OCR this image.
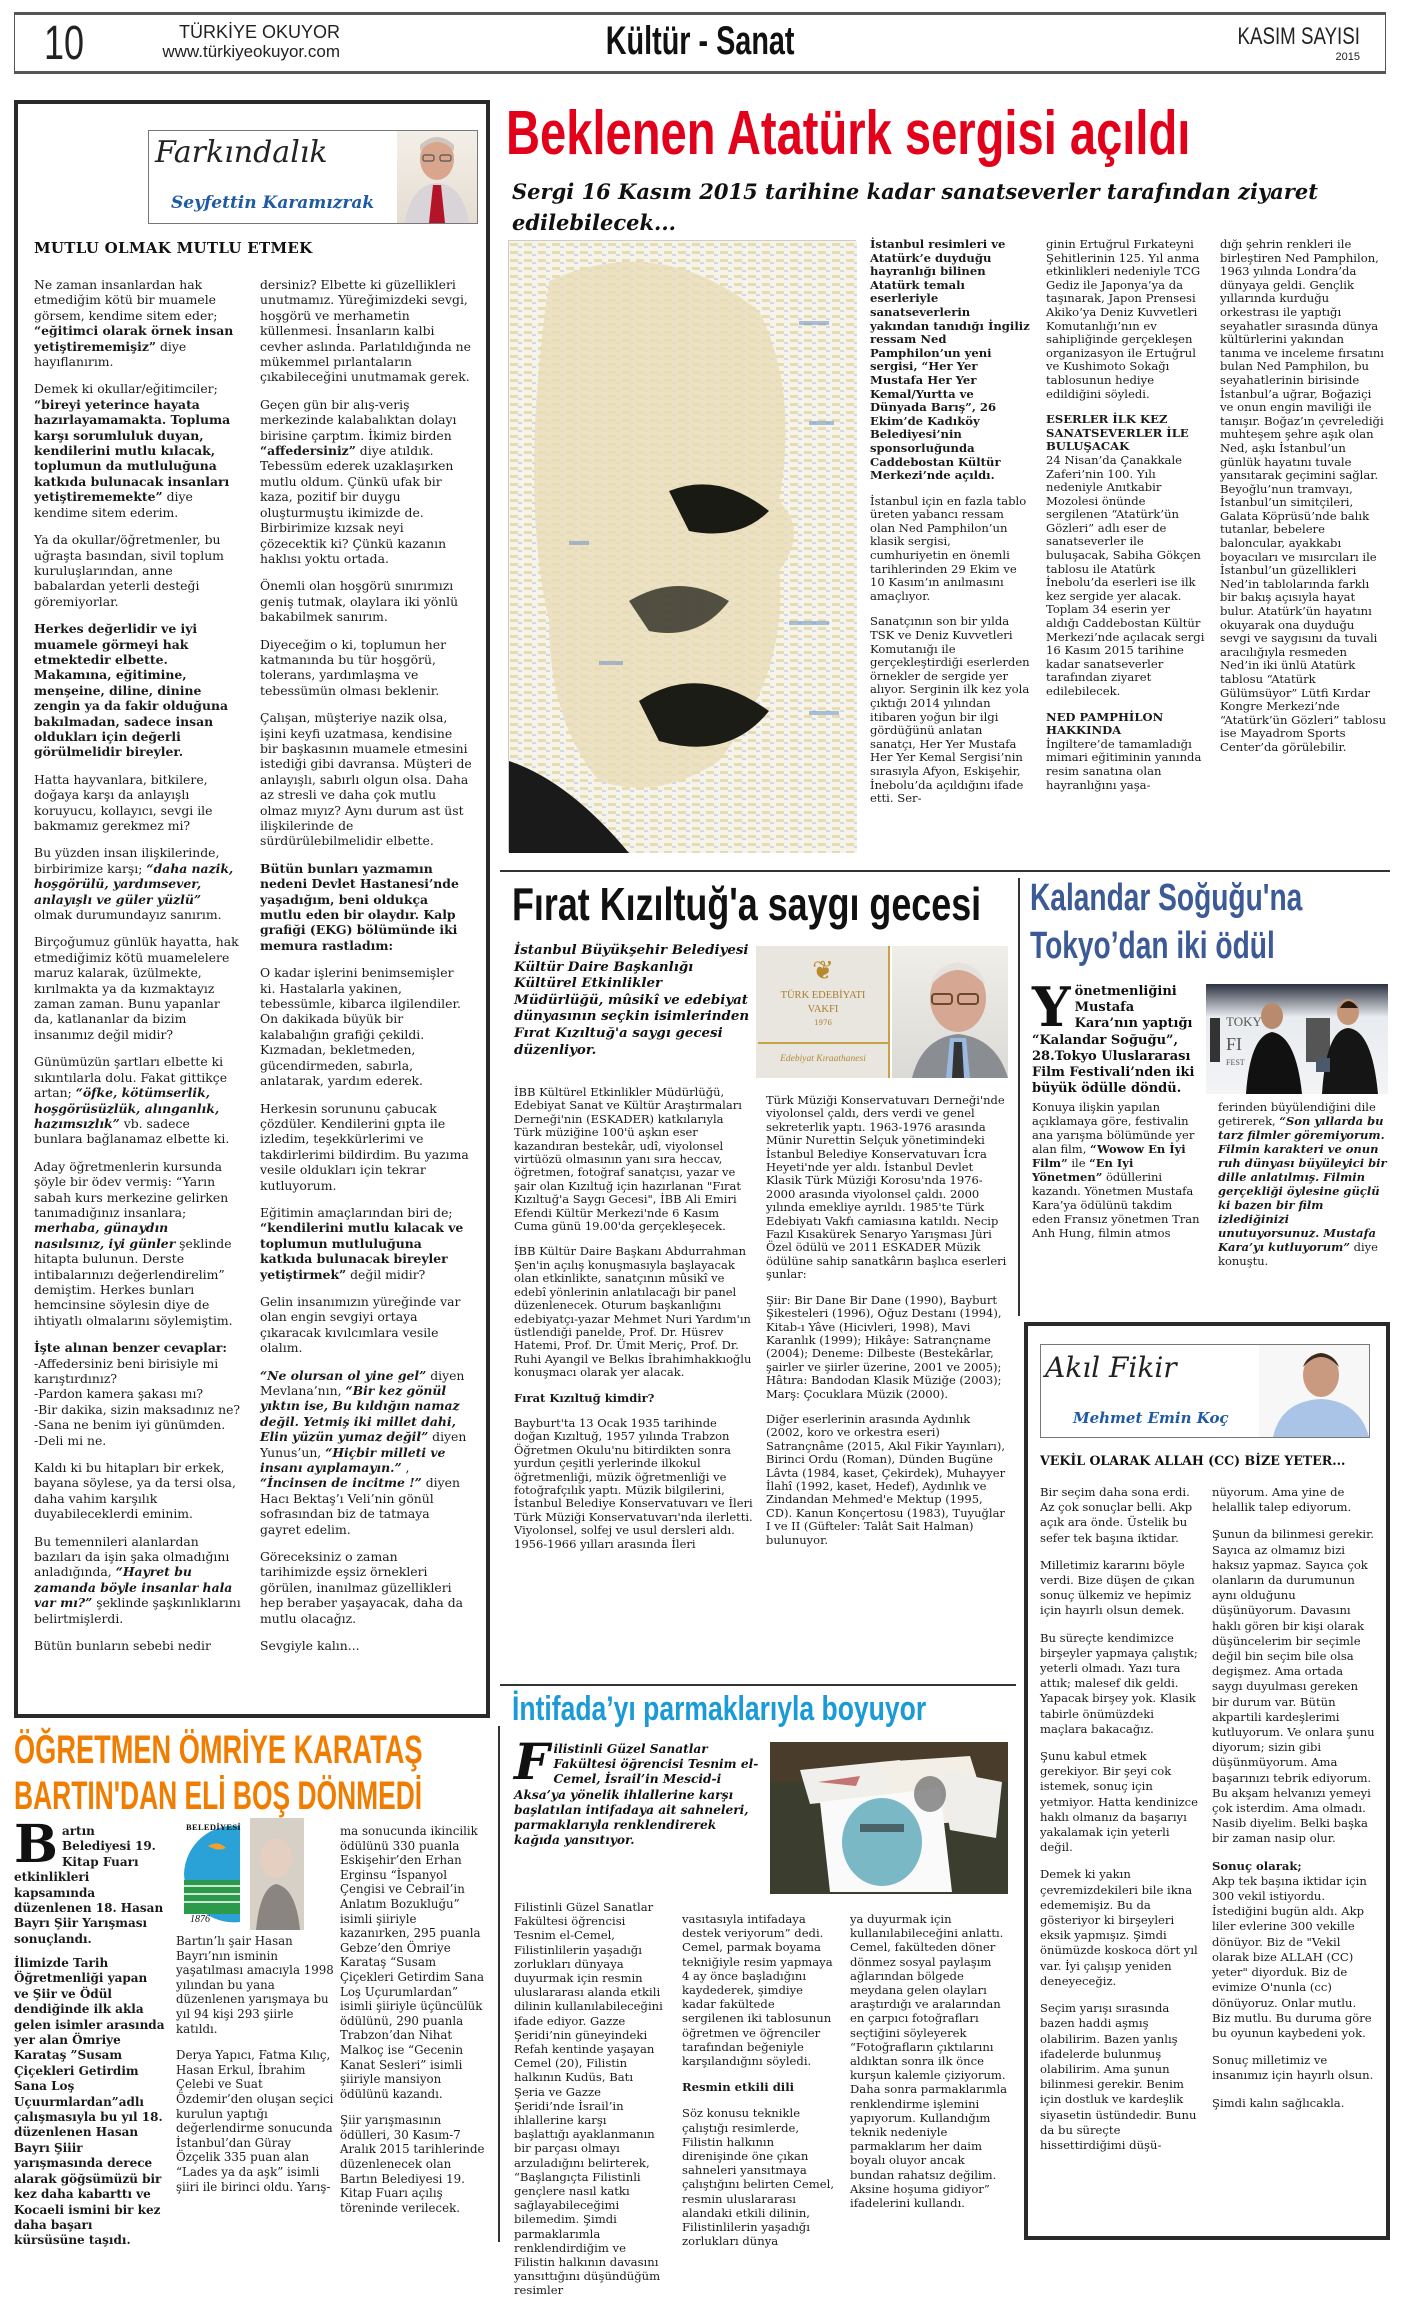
10	TÜRKİYE OKUYOR
www.türkiyeokuyor.com	Kültür - Sanat	KASIM SAYISI
2015
Farkındalık
Seyfettin Karamızrak
MUTLU OLMAK MUTLU ETMEK

Ne zaman insanlardan hak etmediğim kötü bir muamele görsem, kendime sitem eder; “eğitimci olarak örnek insan yetiştirememişiz” diye hayıflanırım.

Demek ki okullar/eğitimciler; “bireyi yeterince hayata hazırlayamamakta. Topluma karşı sorumluluk duyan, kendilerini mutlu kılacak, toplumun da mutluluğuna katkıda bulunacak insanları yetiştirememekte” diye kendime sitem ederim.

Ya da okullar/öğretmenler, bu uğraşta basından, sivil toplum kuruluşlarından, anne babalardan yeterli desteği göremiyorlar.

Herkes değerlidir ve iyi muamele görmeyi hak etmektedir elbette. Makamına, eğitimine, menşeine, diline, dinine zengin ya da fakir olduğuna bakılmadan, sadece insan oldukları için değerli görülmelidir bireyler.

Hatta hayvanlara, bitkilere, doğaya karşı da anlayışlı koruyucu, kollayıcı, sevgi ile bakmamız gerekmez mi?

Bu yüzden insan ilişkilerinde, birbirimize karşı; “daha nazik, hoşgörülü, yardımsever, anlayışlı ve güler yüzlü” olmak durumundayız sanırım.

Birçoğumuz günlük hayatta, hak etmediğimiz kötü muamelelere maruz kalarak, üzülmekte, kırılmakta ya da kızmaktayız zaman zaman. Bunu yapanlar da, katlananlar da bizim insanımız değil midir?

Günümüzün şartları elbette ki sıkıntılarla dolu. Fakat gittikçe artan; “öfke, kötümserlik, hoşgörüsüzlük, alınganlık, hazımsızlık” vb. sadece bunlara bağlanamaz elbette ki.

Aday öğretmenlerin kursunda şöyle bir ödev vermiş: “Yarın sabah kurs merkezine gelirken tanımadığınız insanlara; merhaba, günaydın nasılsınız, iyi günler şeklinde hitapta bulunun. Derste intibalarınızı değerlendirelim” demiştim. Herkes bunları hemcinsine söylesin diye de ihtiyatlı olmalarını söylemiştim.

İşte alınan benzer cevaplar:
-Affedersiniz beni birisiyle mi karıştırdınız?
-Pardon kamera şakası mı?
-Bir dakika, sizin maksadınız ne?
-Sana ne benim iyi günümden.
-Deli mi ne.

Kaldı ki bu hitapları bir erkek, bayana söylese, ya da tersi olsa, daha vahim karşılık duyabileceklerdi eminim.

Bu temennileri alanlardan bazıları da işin şaka olmadığını anladığında, “Hayret bu zamanda böyle insanlar hala var mı?” şeklinde şaşkınlıklarını belirtmişlerdi.

Bütün bunların sebebi nedir

dersiniz? Elbette ki güzellikleri unutmamız. Yüreğimizdeki sevgi, hoşgörü ve merhametin küllenmesi. İnsanların kalbi cevher aslında. Parlatıldığında ne mükemmel pırlantaların çıkabileceğini unutmamak gerek.

Geçen gün bir alış-veriş merkezinde kalabalıktan dolayı birisine çarptım. İkimiz birden “affedersiniz” diye atıldık. Tebessüm ederek uzaklaşırken mutlu oldum. Çünkü ufak bir kaza, pozitif bir duygu oluşturmuştu ikimizde de. Birbirimize kızsak neyi çözecektik ki? Çünkü kazanın haklısı yoktu ortada.

Önemli olan hoşgörü sınırımızı geniş tutmak, olaylara iki yönlü bakabilmek sanırım.

Diyeceğim o ki, toplumun her katmanında bu tür hoşgörü, tolerans, yardımlaşma ve tebessümün olması beklenir.

Çalışan, müşteriye nazik olsa, işini keyfi uzatmasa, kendisine bir başkasının muamele etmesini istediği gibi davransa. Müşteri de anlayışlı, sabırlı olgun olsa. Daha az stresli ve daha çok mutlu olmaz mıyız? Aynı durum ast üst ilişkilerinde de sürdürülebilmelidir elbette.

Bütün bunları yazmamın nedeni Devlet Hastanesi’nde yaşadığım, beni oldukça mutlu eden bir olaydır. Kalp grafiği (EKG) bölümünde iki memura rastladım:

O kadar işlerini benimsemişler ki. Hastalarla yakinen, tebessümle, kibarca ilgilendiler. On dakikada büyük bir kalabalığın grafiği çekildi. Kızmadan, bekletmeden, gücendirmeden, sabırla, anlatarak, yardım ederek.

Herkesin sorununu çabucak çözdüler. Kendilerini gıpta ile izledim, teşekkürlerimi ve takdirlerimi bildirdim. Bu yazıma vesile oldukları için tekrar kutluyorum.

Eğitimin amaçlarından biri de; “kendilerini mutlu kılacak ve toplumun mutluluğuna katkıda bulunacak bireyler yetiştirmek” değil midir?

Gelin insanımızın yüreğinde var olan engin sevgiyi ortaya çıkaracak kıvılcımlara vesile olalım.

“Ne olursan ol yine gel” diyen Mevlana’nın, “Bir kez gönül yıktın ise, Bu kıldığın namaz değil. Yetmiş iki millet dahi, Elin yüzün yumaz değil” diyen Yunus’un, “Hiçbir milleti ve insanı ayıplamayın.” , “İncinsen de incitme !” diyen Hacı Bektaş’ı Veli’nin gönül sofrasından biz de tatmaya gayret edelim.

Göreceksiniz o zaman tarihimizde eşsiz örnekleri görülen, inanılmaz güzellikleri hep beraber yaşayacak, daha da mutlu olacağız.

Sevgiyle kalın...

Beklenen Atatürk sergisi açıldı
Sergi 16 Kasım 2015 tarihine kadar sanatseverler tarafından ziyaret edilebilecek...

İstanbul resimleri ve Atatürk’e duyduğu hayranlığı bilinen Atatürk temalı eserleriyle sanatseverlerin yakından tanıdığı İngiliz ressam Ned Pamphilon’un yeni sergisi, “Her Yer Mustafa Her Yer Kemal/Yurtta ve Dünyada Barış”, 26 Ekim’de Kadıköy Belediyesi’nin sponsorluğunda Caddebostan Kültür Merkezi’nde açıldı.

İstanbul için en fazla tablo üreten yabancı ressam olan Ned Pamphilon’un klasik sergisi, cumhuriyetin en önemli tarihlerinden 29 Ekim ve 10 Kasım’ın anılmasını amaçlıyor.

Sanatçının son bir yılda TSK ve Deniz Kuvvetleri Komutanığı ile gerçekleştirdiği eserlerden örnekler de sergide yer alıyor. Serginin ilk kez yola çıktığı 2014 yılından itibaren yoğun bir ilgi gördüğünü anlatan sanatçı, Her Yer Mustafa Her Yer Kemal Sergisi’nin sırasıyla Afyon, Eskişehir, İnebolu’da açıldığını ifade etti. Ser-

ginin Ertuğrul Fırkateyni Şehitlerinin 125. Yıl anma etkinlikleri nedeniyle TCG Gediz ile Japonya’ya da taşınarak, Japon Prensesi Akiko’ya Deniz Kuvvetleri Komutanlığı’nın ev sahipliğinde gerçekleşen organizasyon ile Ertuğrul ve Kushimoto Sokağı tablosunun hediye edildiğini söyledi.

ESERLER İLK KEZ SANATSEVERLER İLE BULUŞACAK
24 Nisan’da Çanakkale Zaferi’nin 100. Yılı nedeniyle Anıtkabir Mozolesi önünde sergilenen “Atatürk’ün Gözleri” adlı eser de sanatseverler ile buluşacak, Sabiha Gökçen tablosu ile Atatürk İnebolu’da eserleri ise ilk kez sergide yer alacak. Toplam 34 eserin yer aldığı Caddebostan Kültür Merkezi’nde açılacak sergi 16 Kasım 2015 tarihine kadar sanatseverler tarafından ziyaret edilebilecek.

NED PAMPHİLON HAKKINDA
İngiltere’de tamamladığı mimari eğitiminin yanında resim sanatına olan hayranlığını yaşa-

dığı şehrin renkleri ile birleştiren Ned Pamphilon, 1963 yılında Londra’da dünyaya geldi. Gençlik yıllarında kurduğu orkestrası ile yaptığı seyahatler sırasında dünya kültürlerini yakından tanıma ve inceleme fırsatını bulan Ned Pamphilon, bu seyahatlerinin birisinde İstanbul’a uğrar, Boğaziçi ve onun engin maviliği ile tanışır. Boğaz’ın çevrelediği muhteşem şehre aşık olan Ned, aşkı İstanbul’un günlük hayatını tuvale yansıtarak geçimini sağlar. Beyoğlu’nun tramvayı, İstanbul’un simitçileri, Galata Köprüsü’nde balık tutanlar, bebelere baloncular, ayakkabı boyacıları ve mısırcıları ile İstanbul’un güzellikleri Ned’in tablolarında farklı bir bakış açısıyla hayat bulur. Atatürk’ün hayatını okuyarak ona duyduğu sevgi ve saygısını da tuvali aracılığıyla resmeden Ned’in iki ünlü Atatürk tablosu “Atatürk Gülümsüyor” Lütfi Kırdar Kongre Merkezi’nde “Atatürk’ün Gözleri” tablosu ise Mayadrom Sports Center’da görülebilir.

Fırat Kızıltuğ'a saygı gecesi
İstanbul Büyükşehir Belediyesi Kültür Daire Başkanlığı Kültürel Etkinlikler Müdürlüğü, mûsikî ve edebiyat dünyasının seçkin isimlerinden Fırat Kızıltuğ'a saygı gecesi düzenliyor.
❦
TÜRK EDEBİYATI
VAKFI
1976
Edebiyat Kıraathanesi

İBB Kültürel Etkinlikler Müdürlüğü, Edebiyat Sanat ve Kültür Araştırmaları Derneği'nin (ESKADER) katkılarıyla Türk müziğine 100'ü aşkın eser kazandıran bestekâr, udî, viyolonsel virtüözü olmasının yanı sıra heccav, öğretmen, fotoğraf sanatçısı, yazar ve şair olan Kızıltuğ için hazırlanan "Fırat Kızıltuğ'a Saygı Gecesi", İBB Ali Emiri Efendi Kültür Merkezi'nde 6 Kasım Cuma günü 19.00'da gerçekleşecek.

İBB Kültür Daire Başkanı Abdurrahman Şen'in açılış konuşmasıyla başlayacak olan etkinlikte, sanatçının mûsikî ve edebî yönlerinin anlatılacağı bir panel düzenlenecek. Oturum başkanlığını edebiyatçı-yazar Mehmet Nuri Yardım'ın üstlendiği panelde, Prof. Dr. Hüsrev Hatemi, Prof. Dr. Ümit Meriç, Prof. Dr. Ruhi Ayangil ve Belkıs İbrahimhakkıoğlu konuşmacı olarak yer alacak.

Fırat Kızıltuğ kimdir?

Bayburt'ta 13 Ocak 1935 tarihinde doğan Kızıltuğ, 1957 yılında Trabzon Öğretmen Okulu'nu bitirdikten sonra yurdun çeşitli yerlerinde ilkokul öğretmenliği, müzik öğretmenliği ve fotoğrafçılık yaptı. Müzik bilgilerini, İstanbul Belediye Konservatuvarı ve İleri Türk Müziği Konservatuvarı'nda ilerletti. Viyolonsel, solfej ve usul dersleri aldı. 1956-1966 yılları arasında İleri

Türk Müziği Konservatuvarı Derneği'nde viyolonsel çaldı, ders verdi ve genel sekreterlik yaptı. 1963-1976 arasında Münir Nurettin Selçuk yönetimindeki İstanbul Belediye Konservatuvarı İcra Heyeti'nde yer aldı. İstanbul Devlet Klasik Türk Müziği Korosu'nda 1976-2000 arasında viyolonsel çaldı. 2000 yılında emekliye ayrıldı. 1985'te Türk Edebiyatı Vakfı camiasına katıldı. Necip Fazıl Kısakürek Senaryo Yarışması Jüri Özel ödülü ve 2011 ESKADER Müzik ödülüne sahip sanatkârın başlıca eserleri şunlar:

Şiir: Bir Dane Bir Dane (1990), Bayburt Şikesteleri (1996), Oğuz Destanı (1994), Kitab-ı Yâve (Hicivleri, 1998), Mavi Karanlık (1999); Hikâye: Satrançname (2004); Deneme: Dilbeste (Bestekârlar, şairler ve şiirler üzerine, 2001 ve 2005); Hâtıra: Bandodan Klasik Müziğe (2003); Marş: Çocuklara Müzik (2000).

Diğer eserlerinin arasında Aydınlık (2002, koro ve orkestra eseri) Satrançnâme (2015, Akıl Fikir Yayınları), Birinci Ordu (Roman), Dünden Bugüne Lâvta (1984, kaset, Çekirdek), Muhayyer İlahî (1992, kaset, Hedef), Aydınlık ve Zindandan Mehmed'e Mektup (1995, CD). Kanun Konçertosu (1983), Tuyuğlar I ve II (Güfteler: Talât Sait Halman) bulunuyor.

Kalandar Soğuğu'na
Tokyo’dan iki ödül
Yönetmenliğini Mustafa Kara’nın yaptığı “Kalandar Soğuğu”, 28.Tokyo Uluslararası Film Festivali’nden iki büyük ödülle döndü.
TOKY
FI
FEST

Konuya ilişkin yapılan açıklamaya göre, festivalin ana yarışma bölümünde yer alan film, “Wowow En İyi Film” ile “En Iyi Yönetmen” ödüllerini kazandı. Yönetmen Mustafa Kara’ya ödülünü takdim eden Fransız yönetmen Tran Anh Hung, filmin atmos

ferinden büyülendiğini dile getirerek, “Son yıllarda bu tarz filmler göremiyorum. Filmin karakteri ve onun ruh dünyası büyüleyici bir dille anlatılmış. Filmin gerçekliği öylesine güçlü ki bazen bir film izlediğinizi unutuyorsunuz. Mustafa Kara’yı kutluyorum” diye konuştu.

Akıl Fikir
Mehmet Emin Koç
VEKİL OLARAK ALLAH (CC) BİZE YETER...

Bir seçim daha sona erdi. Az çok sonuçlar belli. Akp açık ara önde. Üstelik bu sefer tek başına iktidar.

Milletimiz kararını böyle verdi. Bize düşen de çıkan sonuç ülkemiz ve hepimiz için hayırlı olsun demek.

Bu süreçte kendimizce birşeyler yapmaya çalıştık; yeterli olmadı. Yazı tura attık; malesef dik geldi. Yapacak birşey yok. Klasik tabirle önümüzdeki maçlara bakacağız.

Şunu kabul etmek gerekiyor. Bir şeyi cok istemek, sonuç için yetmiyor. Hatta kendinizce haklı olmanız da başarıyı yakalamak için yeterli değil.

Demek ki yakın çevremizdekileri bile ikna edememişiz. Bu da gösteriyor ki birşeyleri eksik yapmışız. Şimdi önümüzde koskoca dört yıl var. İyi çalışıp yeniden deneyeceğiz.

Seçim yarışı sırasında bazen haddi aşmış olabilirim. Bazen yanlış ifadelerde bulunmuş olabilirim. Ama şunun bilinmesi gerekir. Benim için dostluk ve kardeşlik siyasetin üstündedir. Bunu da bu süreçte hissettirdiğimi düşü-

nüyorum. Ama yine de helallik talep ediyorum.

Şunun da bilinmesi gerekir. Sayıca az olmamız bizi haksız yapmaz. Sayıca çok olanların da durumunun aynı olduğunu düşünüyorum. Davasını haklı gören bir kişi olarak düşüncelerim bir seçimle değil bin seçim bile olsa degişmez. Ama ortada saygı duyulması gereken bir durum var. Bütün akpartili kardeşlerimi kutluyorum. Ve onlara şunu diyorum; sizin gibi düşünmüyorum. Ama başarınızı tebrik ediyorum. Bu akşam helvanızı yemeyi çok isterdim. Ama olmadı. Nasib diyelim. Belki başka bir zaman nasip olur.

Sonuç olarak;
Akp tek başına iktidar için 300 vekil istiyordu. İstediğini bugün aldı. Akp liler evlerine 300 vekille dönüyor. Biz de "Vekil olarak bize ALLAH (CC) yeter" diyorduk. Biz de evimize O'nunla (cc) dönüyoruz. Onlar mutlu. Biz mutlu. Bu duruma göre bu oyunun kaybedeni yok.

Sonuç milletimiz ve insanımız için hayırlı olsun.

Şimdi kalın sağlıcakla.

ÖĞRETMEN ÖMRİYE KARATAŞ
BARTIN'DAN ELİ BOŞ DÖNMEDİ
Bartın Belediyesi 19. Kitap Fuarı etkinlikleri kapsamında düzenlenen 18. Hasan Bayrı Şiir Yarışması sonuçlandı.
İlimizde Tarih Öğretmenliği yapan ve Şiir ve Ödül dendiğinde ilk akla gelen isimler arasında yer alan Ömriye Karataş ”Susam Çiçekleri Getirdim Sana Loş Uçuurmlardan”adlı çalışmasıyla bu yıl 18. düzenlenen Hasan Bayrı Şiiir yarışmasında derece alarak göğsümüzü bir kez daha kabarttı ve Kocaeli ismini bir kez daha başarı kürsüsüne taşıdı.
BELEDİYESİ
1876

Bartın’lı şair Hasan Bayrı’nın isminin yaşatılması amacıyla 1998 yılından bu yana düzenlenen yarışmaya bu yıl 94 kişi 293 şiirle katıldı.

Derya Yapıcı, Fatma Kılıç, Hasan Erkul, İbrahim Çelebi ve Suat Özdemir’den oluşan seçici kurulun yaptığı değerlendirme sonucunda İstanbul’dan Güray Özçelik 335 puan alan “Lades ya da aşk” isimli şiiri ile birinci oldu. Yarış-

ma sonucunda ikincilik ödülünü 330 puanla Eskişehir’den Erhan Erginsu “İspanyol Çengisi ve Cebrail’in Anlatım Bozukluğu” isimli şiiriyle kazanırken, 295 puanla Gebze’den Ömriye Karataş “Susam Çiçekleri Getirdim Sana Loş Uçurumlardan” isimli şiiriyle üçüncülük ödülünü, 290 puanla Trabzon’dan Nihat Malkoç ise “Gecenin Kanat Sesleri” isimli şiiriyle mansiyon ödülünü kazandı.

Şiir yarışmasının ödülleri, 30 Kasım-7 Aralık 2015 tarihlerinde düzenlenecek olan Bartın Belediyesi 19. Kitap Fuarı açılış töreninde verilecek.

İntifada’yı parmaklarıyla boyuyor
Filistinli Güzel Sanatlar Fakültesi öğrencisi Tesnim el-Cemel, İsrail’in Mescid-i Aksa’ya yönelik ihlallerine karşı başlatılan intifadaya ait sahneleri, parmaklarıyla renklendirerek kağıda yansıtıyor.

Filistinli Güzel Sanatlar Fakültesi öğrencisi Tesnim el-Cemel, Filistinlilerin yaşadığı zorlukları dünyaya duyurmak için resmin uluslararası alanda etkili dilinin kullanılabileceğini ifade ediyor. Gazze Şeridi’nin güneyindeki Refah kentinde yaşayan Cemel (20), Filistin halkının Kudüs, Batı Şeria ve Gazze Şeridi’nde İsrail’in ihlallerine karşı başlattığı ayaklanmanın bir parçası olmayı arzuladığını belirterek, “Başlangıçta Filistinli gençlere nasıl katkı sağlayabileceğimi bilemedim. Şimdi parmaklarımla renklendirdiğim ve Filistin halkının davasını yansıttığını düşündüğüm resimler

vasıtasıyla intifadaya destek veriyorum” dedi. Cemel, parmak boyama tekniğiyle resim yapmaya 4 ay önce başladığını kaydederek, şimdiye kadar fakültede sergilenen iki tablosunun öğretmen ve öğrenciler tarafından beğeniyle karşılandığını söyledi.

Resmin etkili dili

Söz konusu teknikle çalıştığı resimlerde, Filistin halkının direnişinde öne çıkan sahneleri yansıtmaya çalıştığını belirten Cemel, resmin uluslararası alandaki etkili dilinin, Filistinlilerin yaşadığı zorlukları dünya

ya duyurmak için kullanılabileceğini anlattı. Cemel, fakülteden döner dönmez sosyal paylaşım ağlarından bölgede meydana gelen olayları araştırdığı ve aralarından en çarpıcı fotoğrafları seçtiğini söyleyerek “Fotoğrafların çıktılarını aldıktan sonra ilk önce kurşun kalemle çiziyorum. Daha sonra parmaklarımla renklendirme işlemini yapıyorum. Kullandığım teknik nedeniyle parmaklarım her daim boyalı oluyor ancak bundan rahatsız değilim. Aksine hoşuma gidiyor” ifadelerini kullandı.
